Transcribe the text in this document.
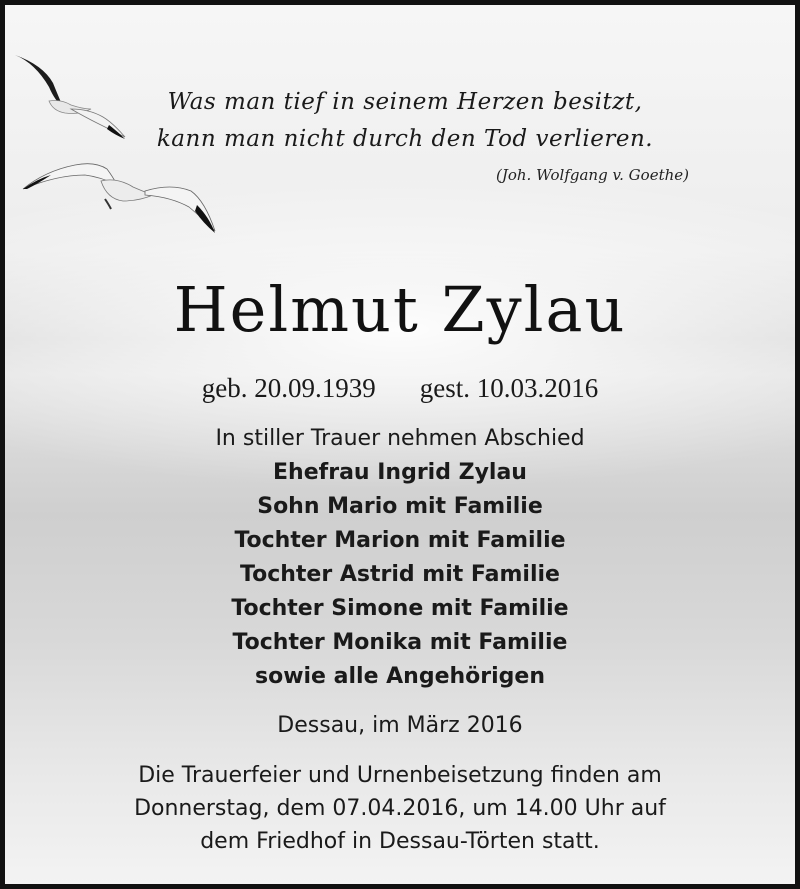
Was man tief in seinem Herzen besitzt,
kann man nicht durch den Tod verlieren.
(Joh. Wolfgang v. Goethe)
Helmut Zylau
geb. 20.09.1939 gest. 10.03.2016
In stiller Trauer nehmen Abschied
Ehefrau Ingrid Zylau
Sohn Mario mit Familie
Tochter Marion mit Familie
Tochter Astrid mit Familie
Tochter Simone mit Familie
Tochter Monika mit Familie
sowie alle Angehörigen
Dessau, im März 2016
Die Trauerfeier und Urnenbeisetzung finden am
Donnerstag, dem 07.04.2016, um 14.00 Uhr auf
dem Friedhof in Dessau-Törten statt.
